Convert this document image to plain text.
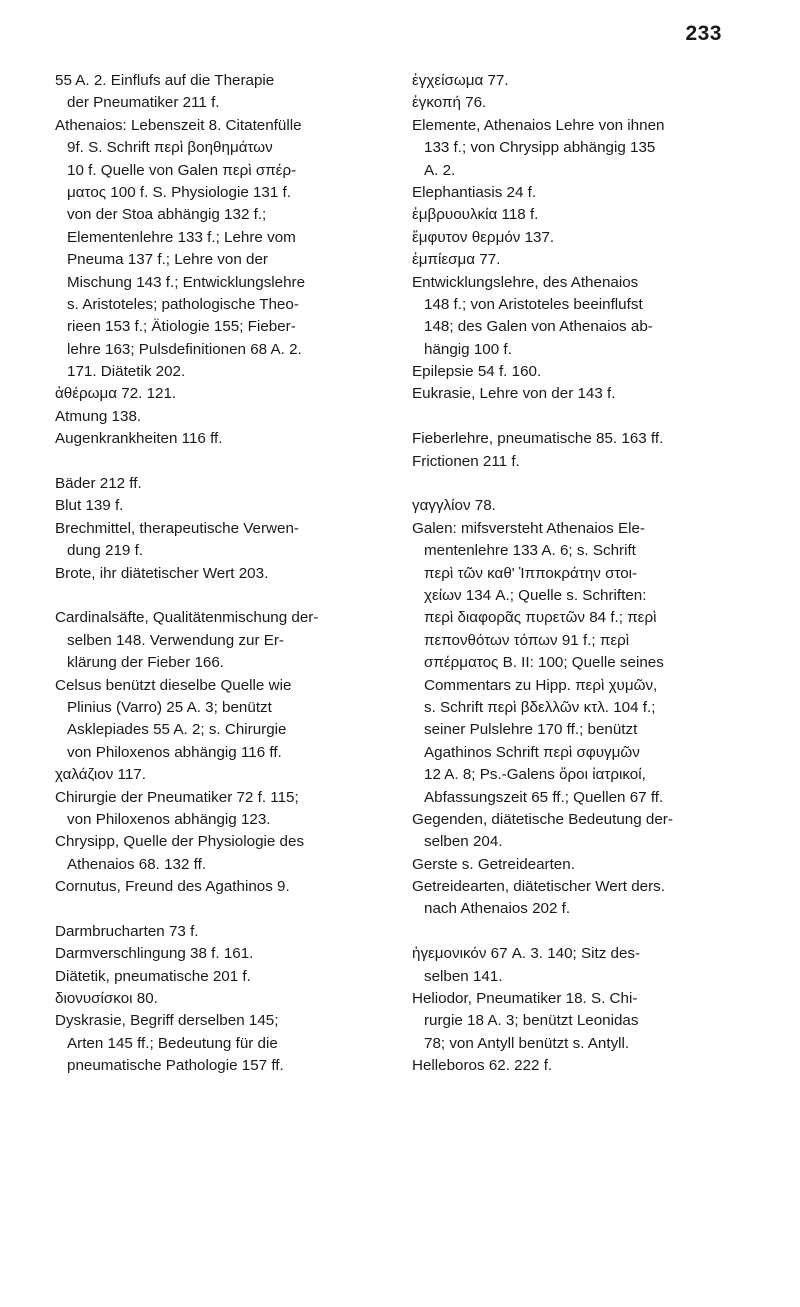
233
55 A. 2. Einflufs auf die Therapie
der Pneumatiker 211 f.
Athenaios: Lebenszeit 8. Citatenfülle
9f. S. Schrift περὶ βοηθημάτων
10 f. Quelle von Galen περὶ σπέρ-
ματος 100 f. S. Physiologie 131 f.
von der Stoa abhängig 132 f.;
Elementenlehre 133 f.; Lehre vom
Pneuma 137 f.; Lehre von der
Mischung 143 f.; Entwicklungslehre
s. Aristoteles; pathologische Theo-
rieen 153 f.; Ätiologie 155; Fieber-
lehre 163; Pulsdefinitionen 68 A. 2.
171. Diätetik 202.
ἀθέρωμα 72. 121.
Atmung 138.
Augenkrankheiten 116 ff.
Bäder 212 ff.
Blut 139 f.
Brechmittel, therapeutische Verwen-
dung 219 f.
Brote, ihr diätetischer Wert 203.
Cardinalsäfte, Qualitätenmischung der-
selben 148. Verwendung zur Er-
klärung der Fieber 166.
Celsus benützt dieselbe Quelle wie
Plinius (Varro) 25 A. 3; benützt
Asklepiades 55 A. 2; s. Chirurgie
von Philoxenos abhängig 116 ff.
χαλάζιον 117.
Chirurgie der Pneumatiker 72 f. 115;
von Philoxenos abhängig 123.
Chrysipp, Quelle der Physiologie des
Athenaios 68. 132 ff.
Cornutus, Freund des Agathinos 9.
Darmbrucharten 73 f.
Darmverschlingung 38 f. 161.
Diätetik, pneumatische 201 f.
διονυσίσκοι 80.
Dyskrasie, Begriff derselben 145;
Arten 145 ff.; Bedeutung für die
pneumatische Pathologie 157 ff.
ἐγχείσωμα 77.
ἐγκοπή 76.
Elemente, Athenaios Lehre von ihnen
133 f.; von Chrysipp abhängig 135
A. 2.
Elephantiasis 24 f.
ἐμβρυουλκία 118 f.
ἔμφυτον θερμόν 137.
ἐμπίεσμα 77.
Entwicklungslehre, des Athenaios
148 f.; von Aristoteles beeinflufst
148; des Galen von Athenaios ab-
hängig 100 f.
Epilepsie 54 f. 160.
Eukrasie, Lehre von der 143 f.
Fieberlehre, pneumatische 85. 163 ff.
Frictionen 211 f.
γαγγλίον 78.
Galen: mifsversteht Athenaios Ele-
mentenlehre 133 A. 6; s. Schrift
περὶ τῶν καθ' Ἱπποκράτην στοι-
χείων 134 A.; Quelle s. Schriften:
περὶ διαφορᾶς πυρετῶν 84 f.; περὶ
πεπονθότων τόπων 91 f.; περὶ
σπέρματος B. II: 100; Quelle seines
Commentars zu Hipp. περὶ χυμῶν,
s. Schrift περὶ βδελλῶν κτλ. 104 f.;
seiner Pulslehre 170 ff.; benützt
Agathinos Schrift περὶ σφυγμῶν
12 A. 8; Ps.-Galens ὅροι ἰατρικοί,
Abfassungszeit 65 ff.; Quellen 67 ff.
Gegenden, diätetische Bedeutung der-
selben 204.
Gerste s. Getreidearten.
Getreidearten, diätetischer Wert ders.
nach Athenaios 202 f.
ἡγεμονικόν 67 A. 3. 140; Sitz des-
selben 141.
Heliodor, Pneumatiker 18. S. Chi-
rurgie 18 A. 3; benützt Leonidas
78; von Antyll benützt s. Antyll.
Helleboros 62. 222 f.
